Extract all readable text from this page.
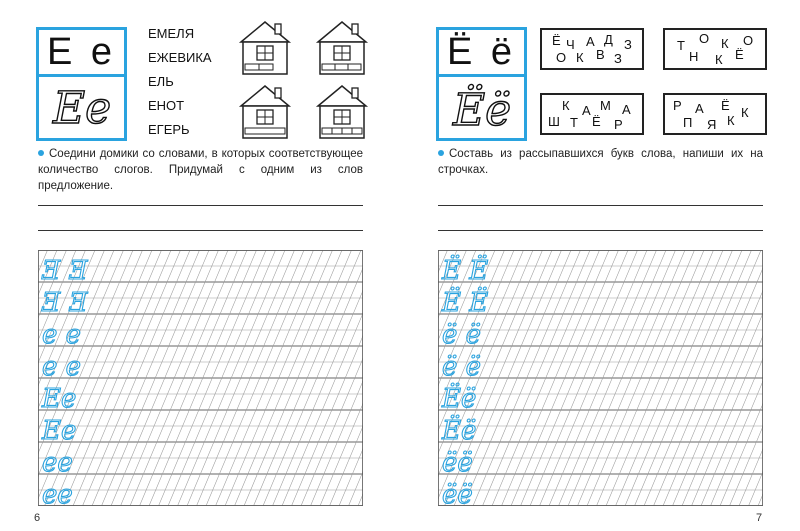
Е е
Ее
ЕМЕЛЯ
ЕЖЕВИКА
ЕЛЬ
ЕНОТ
ЕГЕРЬ
Соедини домики со словами, в которых соответствующее количество слогов. Придумай с одним из слов предложение.
Ǝ Ǝ
Ǝ Ǝ
е е
е е
Ее
Ее
ее
ее
6
Ё ё
Ёё
Ё Ч А Д З
О К В З
Т О К О
Н К Ё
К А М А
Ш Т Ё Р
Р А Ё К
П Я К
Составь из рассыпавшихся букв слова, напиши их на строчках.
Ё Ё
Ё Ё
ё ё
ё ё
Ёё
Ёё
ёё
ёё
7
